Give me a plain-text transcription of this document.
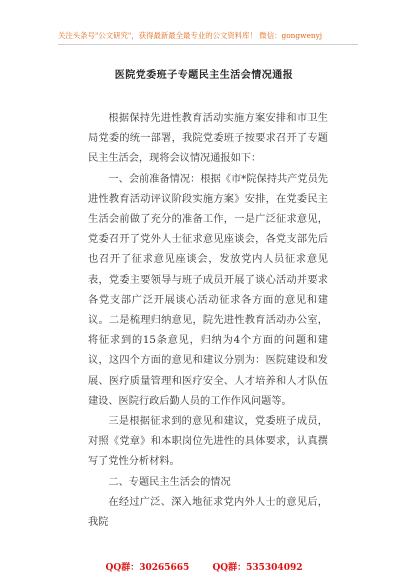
关注头条号"公文研究"，获得最新最全最专业的公文资料库！ 微信：gongwenyj
医院党委班子专题民主生活会情况通报

根据保持先进性教育活动实施方案安排和市卫生局党委的统一部署，我院党委班子按要求召开了专题民主生活会，现将会议情况通报如下：

一、会前准备情况：根据《市*院保持共产党员先进性教育活动评议阶段实施方案》安排，在党委民主生活会前做了充分的准备工作，一是广泛征求意见，党委召开了党外人士征求意见座谈会，各党支部先后也召开了征求意见座谈会，发放党内人员征求意见表，党委主要领导与班子成员开展了谈心活动并要求各党支部广泛开展谈心活动征求各方面的意见和建议。二是梳理归纳意见，院先进性教育活动办公室，将征求到的15条意见，归纳为4个方面的问题和建议，这四个方面的意见和建议分别为：医院建设和发展、医疗质量管理和医疗安全、人才培养和人才队伍建设、医院行政后勤人员的工作作风问题等。

三是根据征求到的意见和建议，党委班子成员，对照《党章》和本职岗位先进性的具体要求，认真撰写了党性分析材料。

二、专题民主生活会的情况

在经过广泛、深入地征求党内外人士的意见后，我院

QQ群：30265665	QQ群：535304092
